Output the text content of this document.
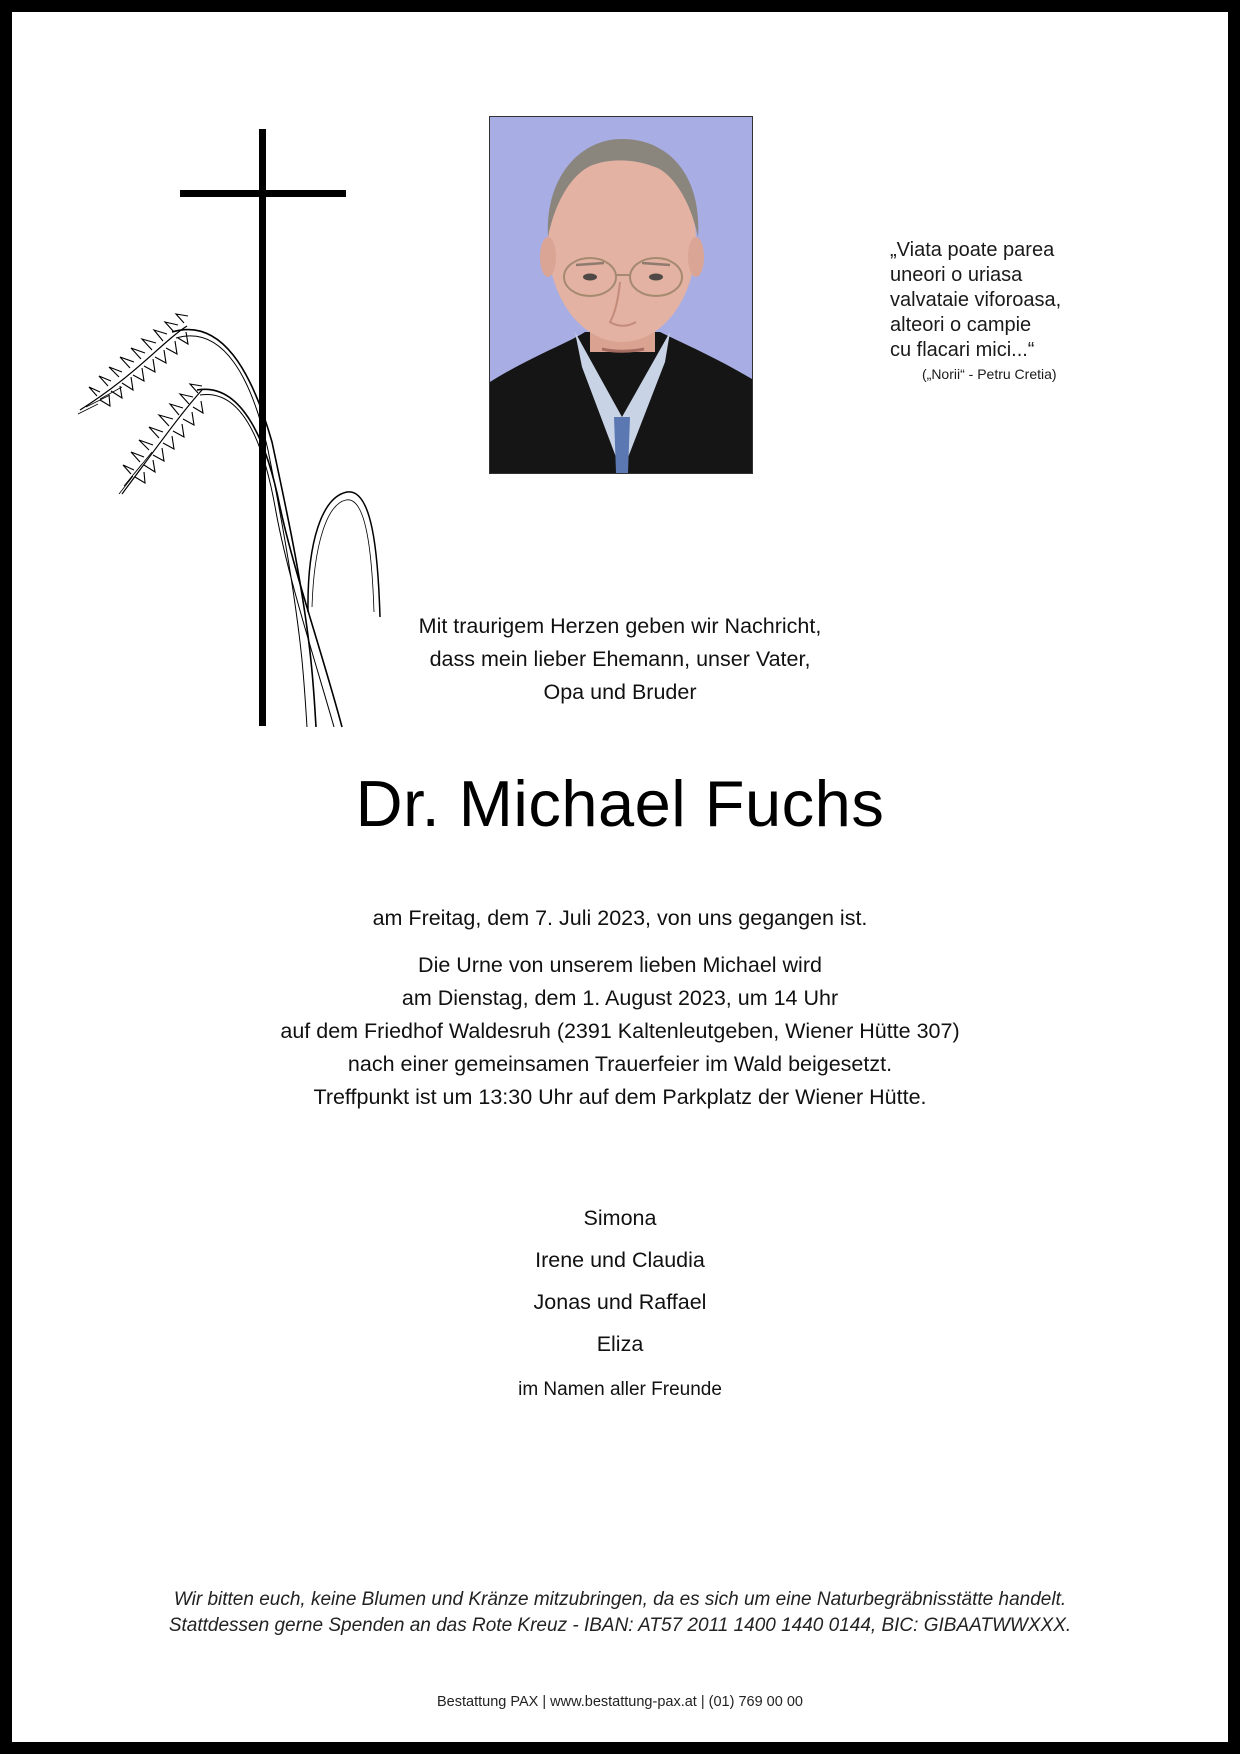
„Viata poate parea
uneori o uriasa
valvataie viforoasa,
alteori o campie
cu flacari mici...“
(„Norii“ - Petru Cretia)
Mit traurigem Herzen geben wir Nachricht,
dass mein lieber Ehemann, unser Vater,
Opa und Bruder
Dr. Michael Fuchs
am Freitag, dem 7. Juli 2023, von uns gegangen ist.
Die Urne von unserem lieben Michael wird
am Dienstag, dem 1. August 2023, um 14 Uhr
auf dem Friedhof Waldesruh (2391 Kaltenleutgeben, Wiener Hütte 307)
nach einer gemeinsamen Trauerfeier im Wald beigesetzt.
Treffpunkt ist um 13:30 Uhr auf dem Parkplatz der Wiener Hütte.
Simona
Irene und Claudia
Jonas und Raffael
Eliza
im Namen aller Freunde
Wir bitten euch, keine Blumen und Kränze mitzubringen, da es sich um eine Naturbegräbnisstätte handelt.
Stattdessen gerne Spenden an das Rote Kreuz - IBAN: AT57 2011 1400 1440 0144, BIC: GIBAATWWXXX.
Bestattung PAX | www.bestattung-pax.at | (01) 769 00 00
